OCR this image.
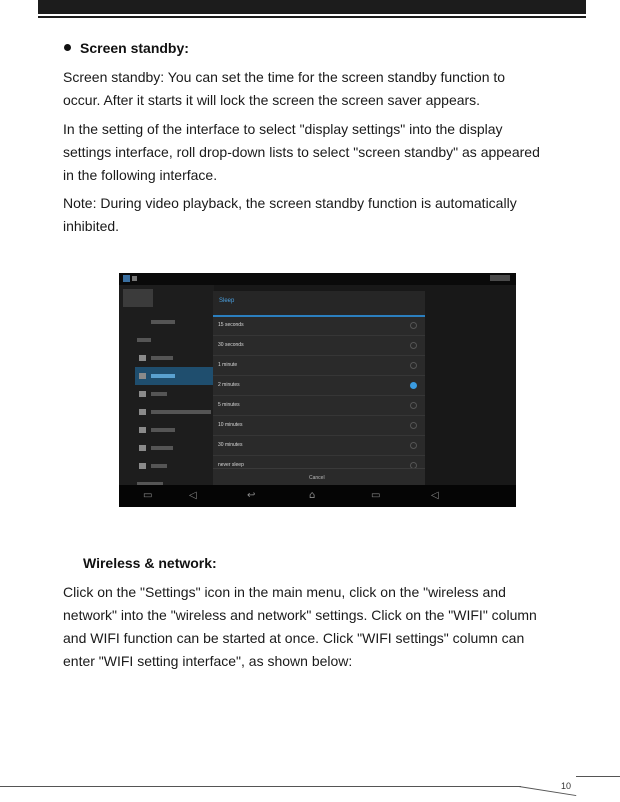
Screen standby:
Screen standby: You can set the time for the screen standby function to
occur. After it starts it will lock the screen the screen saver appears.
In the setting of the interface to select "display settings" into the display
settings interface, roll drop-down lists to select "screen standby" as appeared
in the following interface.
Note: During video playback, the screen standby function is automatically
inhibited.
Sleep
15 seconds
30 seconds
1 minute
2 minutes
5 minutes
10 minutes
30 minutes
never sleep
Cancel
▭	◁	↩	⌂	▭	◁
Wireless & network:
Click on the "Settings" icon in the main menu, click on the "wireless and
network" into the "wireless and network" settings. Click on the "WIFI" column
and WIFI function can be started at once. Click "WIFI settings" column can
enter "WIFI setting interface", as shown below:
10
